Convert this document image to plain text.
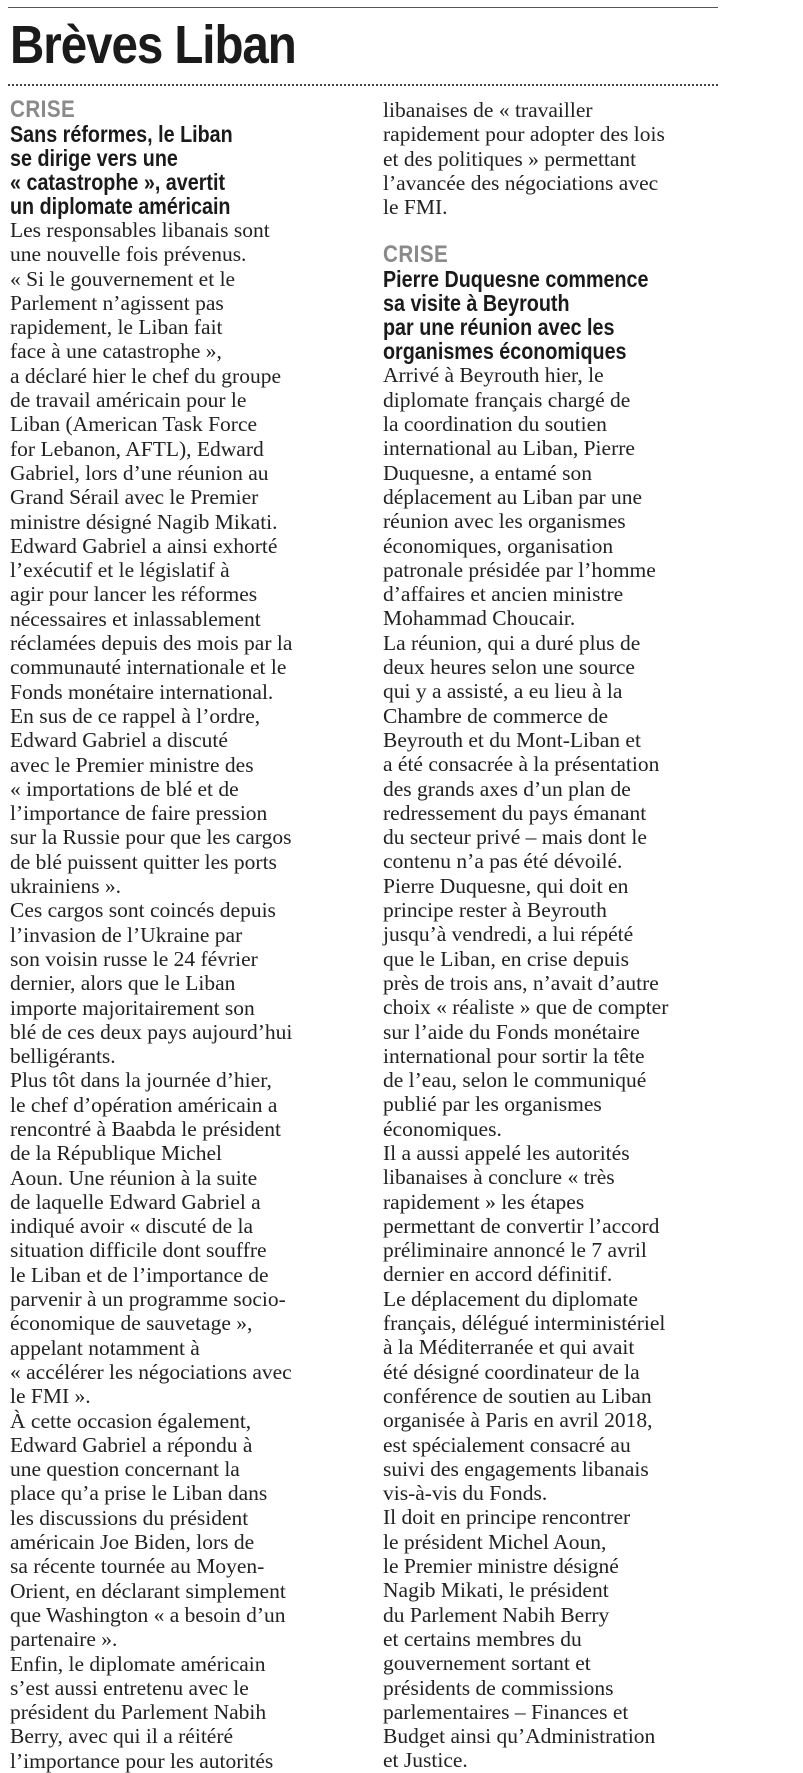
Brèves Liban
CRISE
Sans réformes, le Liban
se dirige vers une
« catastrophe », avertit
un diplomate américain
Les responsables libanais sont
une nouvelle fois prévenus.
« Si le gouvernement et le
Parlement n’agissent pas
rapidement, le Liban fait
face à une catastrophe »,
a déclaré hier le chef du groupe
de travail américain pour le
Liban (American Task Force
for Lebanon, AFTL), Edward
Gabriel, lors d’une réunion au
Grand Sérail avec le Premier
ministre désigné Nagib Mikati.
Edward Gabriel a ainsi exhorté
l’exécutif et le législatif à
agir pour lancer les réformes
nécessaires et inlassablement
réclamées depuis des mois par la
communauté internationale et le
Fonds monétaire international.
En sus de ce rappel à l’ordre,
Edward Gabriel a discuté
avec le Premier ministre des
« importations de blé et de
l’importance de faire pression
sur la Russie pour que les cargos
de blé puissent quitter les ports
ukrainiens ».
Ces cargos sont coincés depuis
l’invasion de l’Ukraine par
son voisin russe le 24 février
dernier, alors que le Liban
importe majoritairement son
blé de ces deux pays aujourd’hui
belligérants.
Plus tôt dans la journée d’hier,
le chef d’opération américain a
rencontré à Baabda le président
de la République Michel
Aoun. Une réunion à la suite
de laquelle Edward Gabriel a
indiqué avoir « discuté de la
situation difficile dont souffre
le Liban et de l’importance de
parvenir à un programme socio-
économique de sauvetage »,
appelant notamment à
« accélérer les négociations avec
le FMI ».
À cette occasion également,
Edward Gabriel a répondu à
une question concernant la
place qu’a prise le Liban dans
les discussions du président
américain Joe Biden, lors de
sa récente tournée au Moyen-
Orient, en déclarant simplement
que Washington « a besoin d’un
partenaire ».
Enfin, le diplomate américain
s’est aussi entretenu avec le
président du Parlement Nabih
Berry, avec qui il a réitéré
l’importance pour les autorités
libanaises de « travailler
rapidement pour adopter des lois
et des politiques » permettant
l’avancée des négociations avec
le FMI.
CRISE
Pierre Duquesne commence
sa visite à Beyrouth
par une réunion avec les
organismes économiques
Arrivé à Beyrouth hier, le
diplomate français chargé de
la coordination du soutien
international au Liban, Pierre
Duquesne, a entamé son
déplacement au Liban par une
réunion avec les organismes
économiques, organisation
patronale présidée par l’homme
d’affaires et ancien ministre
Mohammad Choucair.
La réunion, qui a duré plus de
deux heures selon une source
qui y a assisté, a eu lieu à la
Chambre de commerce de
Beyrouth et du Mont-Liban et
a été consacrée à la présentation
des grands axes d’un plan de
redressement du pays émanant
du secteur privé – mais dont le
contenu n’a pas été dévoilé.
Pierre Duquesne, qui doit en
principe rester à Beyrouth
jusqu’à vendredi, a lui répété
que le Liban, en crise depuis
près de trois ans, n’avait d’autre
choix « réaliste » que de compter
sur l’aide du Fonds monétaire
international pour sortir la tête
de l’eau, selon le communiqué
publié par les organismes
économiques.
Il a aussi appelé les autorités
libanaises à conclure « très
rapidement » les étapes
permettant de convertir l’accord
préliminaire annoncé le 7 avril
dernier en accord définitif.
Le déplacement du diplomate
français, délégué interministériel
à la Méditerranée et qui avait
été désigné coordinateur de la
conférence de soutien au Liban
organisée à Paris en avril 2018,
est spécialement consacré au
suivi des engagements libanais
vis-à-vis du Fonds.
Il doit en principe rencontrer
le président Michel Aoun,
le Premier ministre désigné
Nagib Mikati, le président
du Parlement Nabih Berry
et certains membres du
gouvernement sortant et
présidents de commissions
parlementaires – Finances et
Budget ainsi qu’Administration
et Justice.
